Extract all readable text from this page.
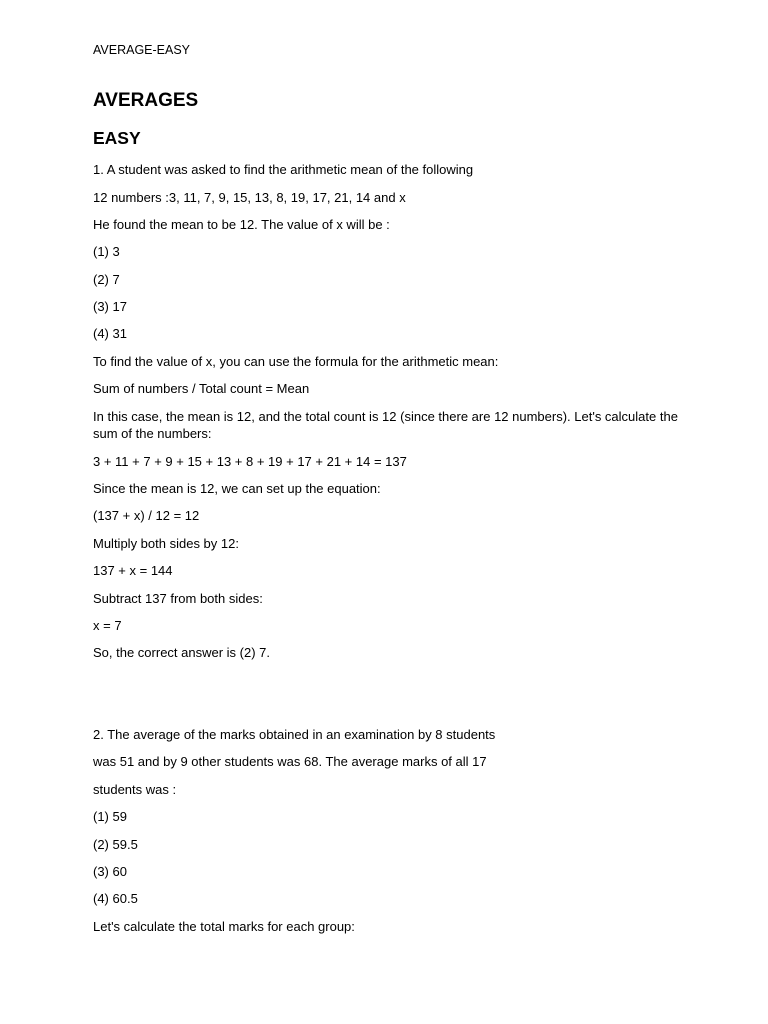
AVERAGE-EASY
AVERAGES
EASY

1. A student was asked to find the arithmetic mean of the following

12 numbers :3, 11, 7, 9, 15, 13, 8, 19, 17, 21, 14 and x

He found the mean to be 12. The value of x will be :

(1) 3

(2) 7

(3) 17

(4) 31

To find the value of x, you can use the formula for the arithmetic mean:

Sum of numbers / Total count = Mean

In this case, the mean is 12, and the total count is 12 (since there are 12 numbers). Let's calculate the sum of the numbers:

3 + 11 + 7 + 9 + 15 + 13 + 8 + 19 + 17 + 21 + 14 = 137

Since the mean is 12, we can set up the equation:

(137 + x) / 12 = 12

Multiply both sides by 12:

137 + x = 144

Subtract 137 from both sides:

x = 7

So, the correct answer is (2) 7.

2. The average of the marks obtained in an examination by 8 students

was 51 and by 9 other students was 68. The average marks of all 17

students was :

(1) 59

(2) 59.5

(3) 60

(4) 60.5

Let's calculate the total marks for each group:
